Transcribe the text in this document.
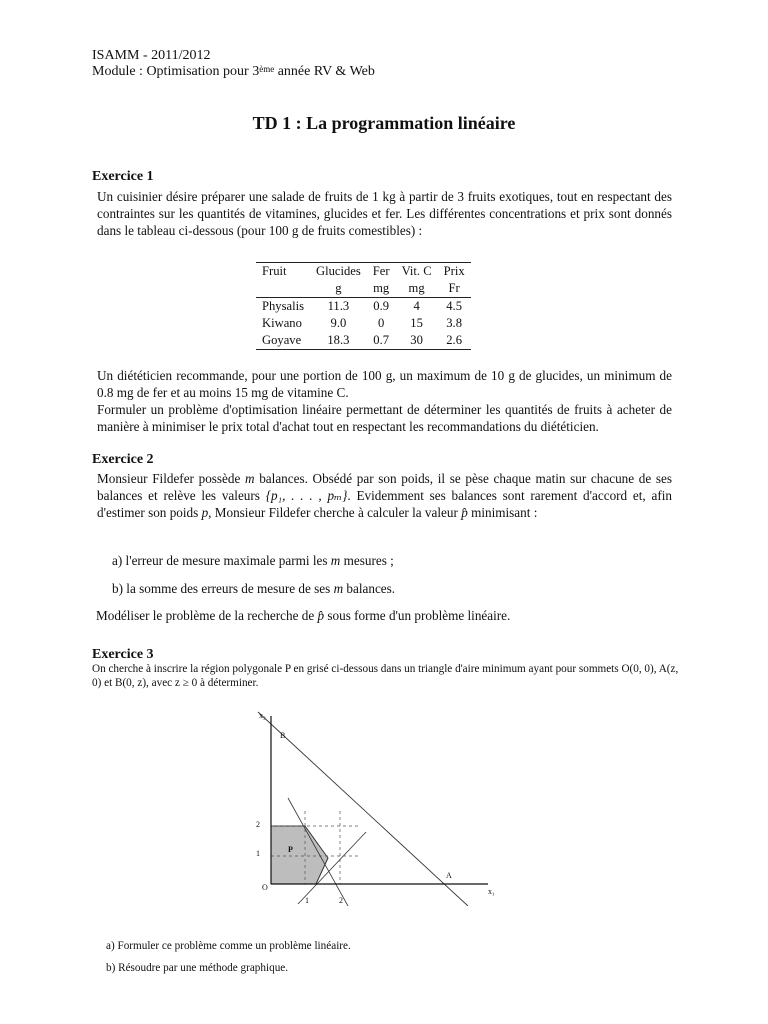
ISAMM - 2011/2012
Module : Optimisation pour 3ème année RV & Web
TD 1 : La programmation linéaire
Exercice 1
Un cuisinier désire préparer une salade de fruits de 1 kg à partir de 3 fruits exotiques, tout en respectant des contraintes sur les quantités de vitamines, glucides et fer. Les différentes concentrations et prix sont donnés dans le tableau ci-dessous (pour 100 g de fruits comestibles) :
Fruit	Glucides	Fer	Vit. C	Prix
	g	mg	mg	Fr
Physalis	11.3	0.9	4	4.5
Kiwano	9.0	0	15	3.8
Goyave	18.3	0.7	30	2.6

Un diététicien recommande, pour une portion de 100 g, un maximum de 10 g de glucides, un minimum de 0.8 mg de fer et au moins 15 mg de vitamine C.

Formuler un problème d'optimisation linéaire permettant de déterminer les quantités de fruits à acheter de manière à minimiser le prix total d'achat tout en respectant les recommandations du diététicien.

Exercice 2
Monsieur Fildefer possède m balances. Obsédé par son poids, il se pèse chaque matin sur chacune de ses balances et relève les valeurs {p₁, . . . , pₘ}. Evidemment ses balances sont rarement d'accord et, afin d'estimer son poids p, Monsieur Fildefer cherche à calculer la valeur p̂ minimisant :
a) l'erreur de mesure maximale parmi les m mesures ;
b) la somme des erreurs de mesure de ses m balances.
Modéliser le problème de la recherche de p̂ sous forme d'un problème linéaire.
Exercice 3
On cherche à inscrire la région polygonale P en grisé ci-dessous dans un triangle d'aire minimum ayant pour sommets O(0, 0), A(z, 0) et B(0, z), avec z ≥ 0 à déterminer.
x₂
x₁
B
A
O
P
2
1
1	2
a) Formuler ce problème comme un problème linéaire.
b) Résoudre par une méthode graphique.
